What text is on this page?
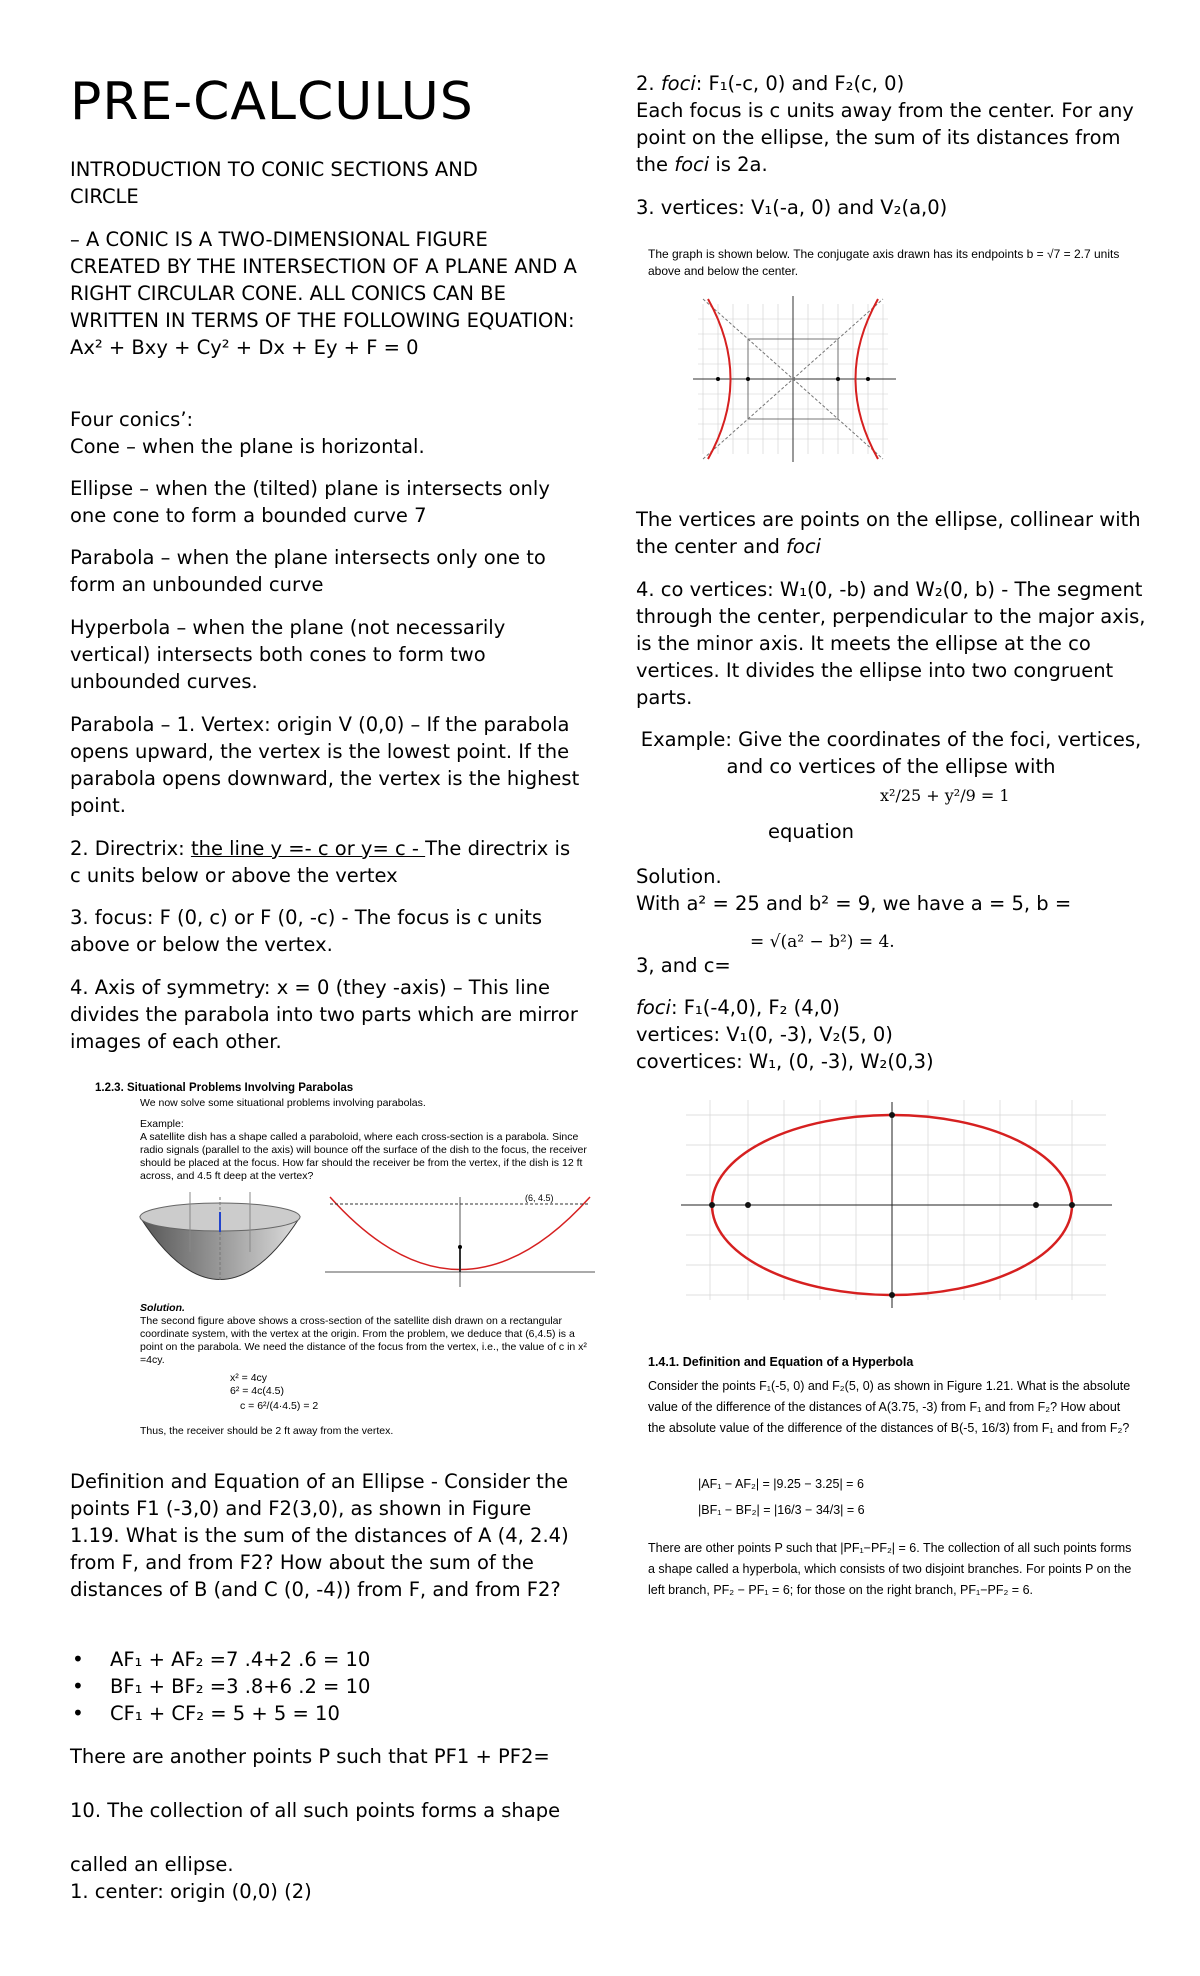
PRE-CALCULUS

INTRODUCTION TO CONIC SECTIONS AND CIRCLE

– A CONIC IS A TWO-DIMENSIONAL FIGURE CREATED BY THE INTERSECTION OF A PLANE AND A RIGHT CIRCULAR CONE. ALL CONICS CAN BE WRITTEN IN TERMS OF THE FOLLOWING EQUATION: Ax² + Bxy + Cy² + Dx + Ey + F = 0

Four conics’:

Cone – when the plane is horizontal.

Ellipse – when the (tilted) plane is intersects only one cone to form a bounded curve 7

Parabola – when the plane intersects only one to form an unbounded curve

Hyperbola – when the plane (not necessarily vertical) intersects both cones to form two unbounded curves.

Parabola – 1. Vertex: origin V (0,0) – If the parabola opens upward, the vertex is the lowest point. If the parabola opens downward, the vertex is the highest point.

2. Directrix: the line y =- c or y= c - The directrix is c units below or above the vertex

3. focus: F (0, c) or F (0, -c) - The focus is c units above or below the vertex.

4. Axis of symmetry: x = 0 (they -axis) – This line divides the parabola into two parts which are mirror images of each other.

1.2.3. Situational Problems Involving Parabolas
We now solve some situational problems involving parabolas.
Example:
A satellite dish has a shape called a paraboloid, where each cross-section is a parabola. Since radio signals (parallel to the axis) will bounce off the surface of the dish to the focus, the receiver should be placed at the focus. How far should the receiver be from the vertex, if the dish is 12 ft across, and 4.5 ft deep at the vertex?
(6, 4.5)
Solution.
The second figure above shows a cross-section of the satellite dish drawn on a rectangular coordinate system, with the vertex at the origin. From the problem, we deduce that (6,4.5) is a point on the parabola. We need the distance of the focus from the vertex, i.e., the value of c in x² =4cy.
x² = 4cy
6² = 4c(4.5)
c = 6²/(4·4.5) = 2
Thus, the receiver should be 2 ft away from the vertex.

Definition and Equation of an Ellipse - Consider the points F1 (-3,0) and F2(3,0), as shown in Figure 1.19. What is the sum of the distances of A (4, 2.4) from F, and from F2? How about the sum of the distances of B (and C (0, -4)) from F, and from F2?

• AF₁ + AF₂ =7 .4+2 .6 = 10
• BF₁ + BF₂ =3 .8+6 .2 = 10
• CF₁ + CF₂ = 5 + 5 = 10

There are another points P such that PF1 + PF2=

10. The collection of all such points forms a shape

called an ellipse.

1. center: origin (0,0) (2)

2. foci: F₁(-c, 0) and F₂(c, 0)

Each focus is c units away from the center. For any point on the ellipse, the sum of its distances from the foci is 2a.

3. vertices: V₁(-a, 0) and V₂(a,0)

The graph is shown below. The conjugate axis drawn has its endpoints b = √7 = 2.7 units above and below the center.

The vertices are points on the ellipse, collinear with the center and foci

4. co vertices: W₁(0, -b) and W₂(0, b) - The segment through the center, perpendicular to the major axis, is the minor axis. It meets the ellipse at the co vertices. It divides the ellipse into two congruent parts.

Example: Give the coordinates of the foci, vertices, and co vertices of the ellipse with

x²/25 + y²/9 = 1

equation

Solution.

With a² = 25 and b² = 9, we have a = 5, b =

= √(a² − b²) = 4.

3, and c=

foci: F₁(-4,0), F₂ (4,0)

vertices: V₁(0, -3), V₂(5, 0)

covertices: W₁, (0, -3), W₂(0,3)

1.4.1. Definition and Equation of a Hyperbola
Consider the points F₁(-5, 0) and F₂(5, 0) as shown in Figure 1.21. What is the absolute value of the difference of the distances of A(3.75, -3) from F₁ and from F₂? How about the absolute value of the difference of the distances of B(-5, 16/3) from F₁ and from F₂?
|AF₁ − AF₂| = |9.25 − 3.25| = 6
|BF₁ − BF₂| = |16/3 − 34/3| = 6
There are other points P such that |PF₁−PF₂| = 6. The collection of all such points forms a shape called a hyperbola, which consists of two disjoint branches. For points P on the left branch, PF₂ − PF₁ = 6; for those on the right branch, PF₁−PF₂ = 6.
